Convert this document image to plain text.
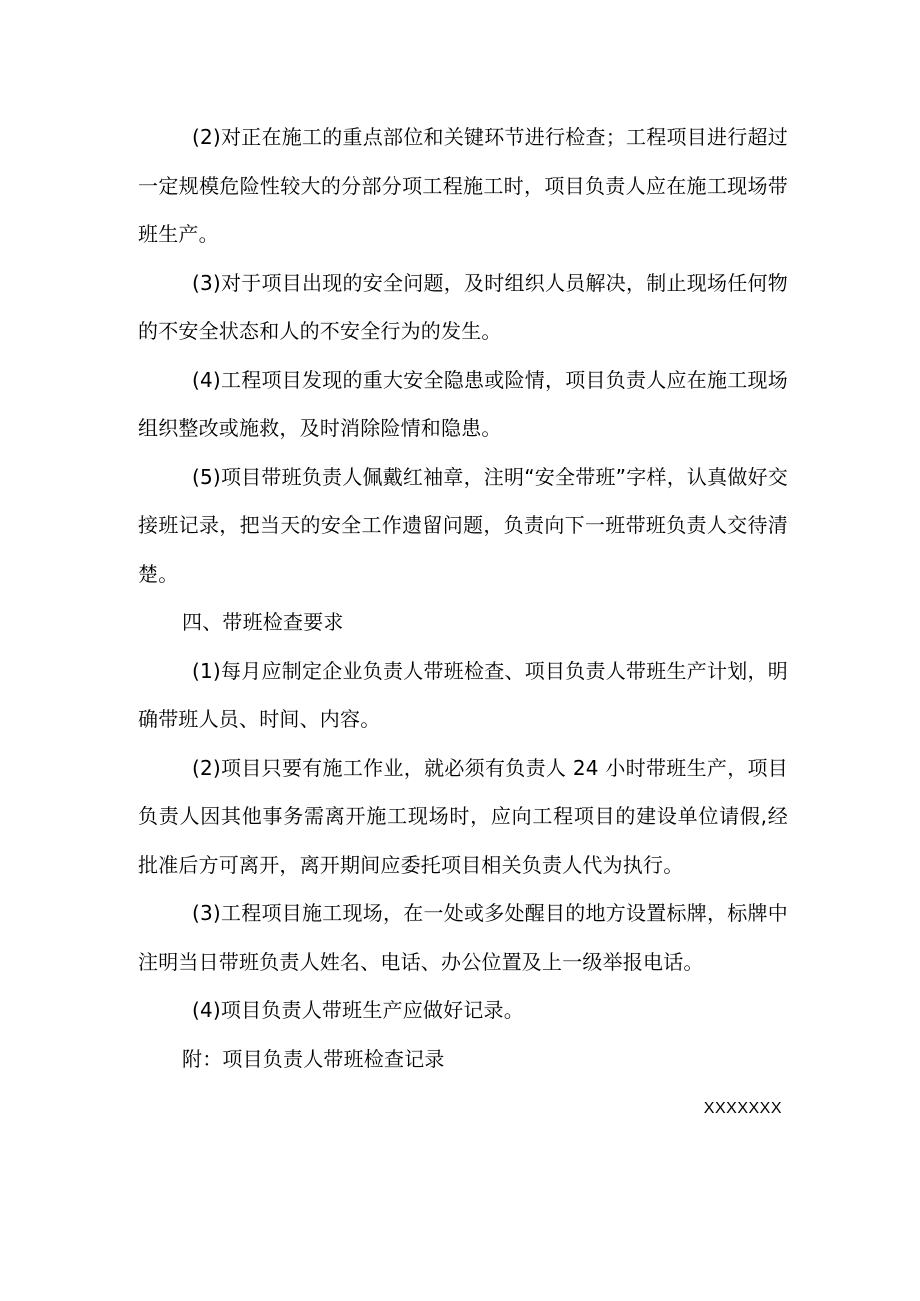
(2)对正在施工的重点部位和关键环节进行检查；工程项目进行超过一定规模危险性较大的分部分项工程施工时，项目负责人应在施工现场带班生产。

(3)对于项目出现的安全问题，及时组织人员解决，制止现场任何物的不安全状态和人的不安全行为的发生。

(4)工程项目发现的重大安全隐患或险情，项目负责人应在施工现场组织整改或施救，及时消除险情和隐患。

(5)项目带班负责人佩戴红袖章，注明“安全带班”字样，认真做好交接班记录，把当天的安全工作遗留问题，负责向下一班带班负责人交待清楚。

四、带班检查要求

(1)每月应制定企业负责人带班检查、项目负责人带班生产计划，明确带班人员、时间、内容。

(2)项目只要有施工作业，就必须有负责人 24 小时带班生产，项目负责人因其他事务需离开施工现场时，应向工程项目的建设单位请假,经批准后方可离开，离开期间应委托项目相关负责人代为执行。

(3)工程项目施工现场，在一处或多处醒目的地方设置标牌，标牌中注明当日带班负责人姓名、电话、办公位置及上一级举报电话。

(4)项目负责人带班生产应做好记录。

附：项目负责人带班检查记录

XXXXXXX
